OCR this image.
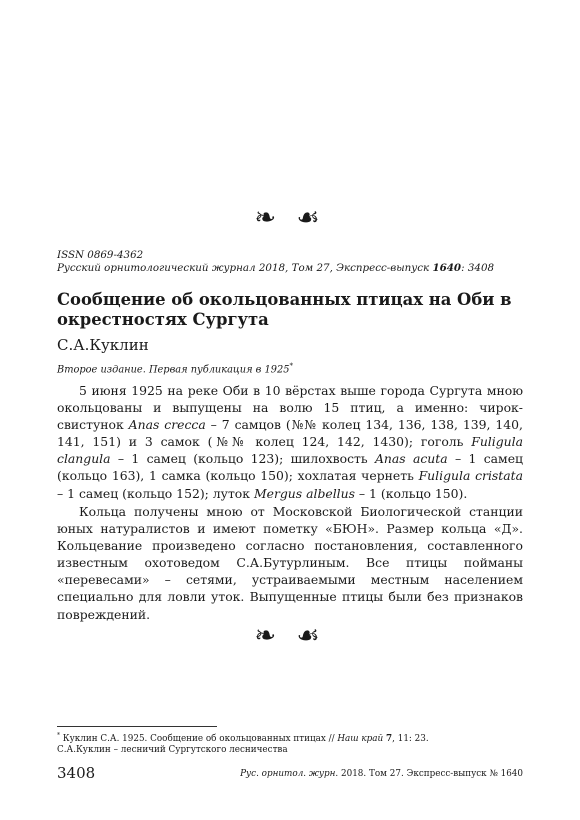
❧ ☙
ISSN 0869-4362
Русский орнитологический журнал 2018, Том 27, Экспресс-выпуск 1640: 3408
Сообщение об окольцованных птицах на Оби в окрестностях Сургута
С.А.Куклин
Второе издание. Первая публикация в 1925*

5 июня 1925 на реке Оби в 10 вёрстах выше города Сургута мною окольцованы и выпущены на волю 15 птиц, а именно: чирок-свистунок Anas crecca – 7 самцов (№№ колец 134, 136, 138, 139, 140, 141, 151) и 3 самок (№№ колец 124, 142, 1430); гоголь Fuligula clangula – 1 самец (кольцо 123); шилохвость Anas acuta – 1 самец (кольцо 163), 1 самка (кольцо 150); хохлатая чернеть Fuligula cristata – 1 самец (кольцо 152); луток Mergus albellus – 1 (кольцо 150).

Кольца получены мною от Московской Биологической станции юных натуралистов и имеют пометку «БЮН». Размер кольца «Д». Кольцевание произведено согласно постановления, составленного известным охотоведом С.А.Бутурлиным. Все птицы пойманы «перевесами» – сетями, устраиваемыми местным населением специально для ловли уток. Выпущенные птицы были без признаков повреждений.

❧ ☙
* Куклин С.А. 1925. Сообщение об окольцованных птицах // Наш край 7, 11: 23.
С.А.Куклин – лесничий Сургутского лесничества
3408	Рус. орнитол. журн. 2018. Том 27. Экспресс-выпуск № 1640
